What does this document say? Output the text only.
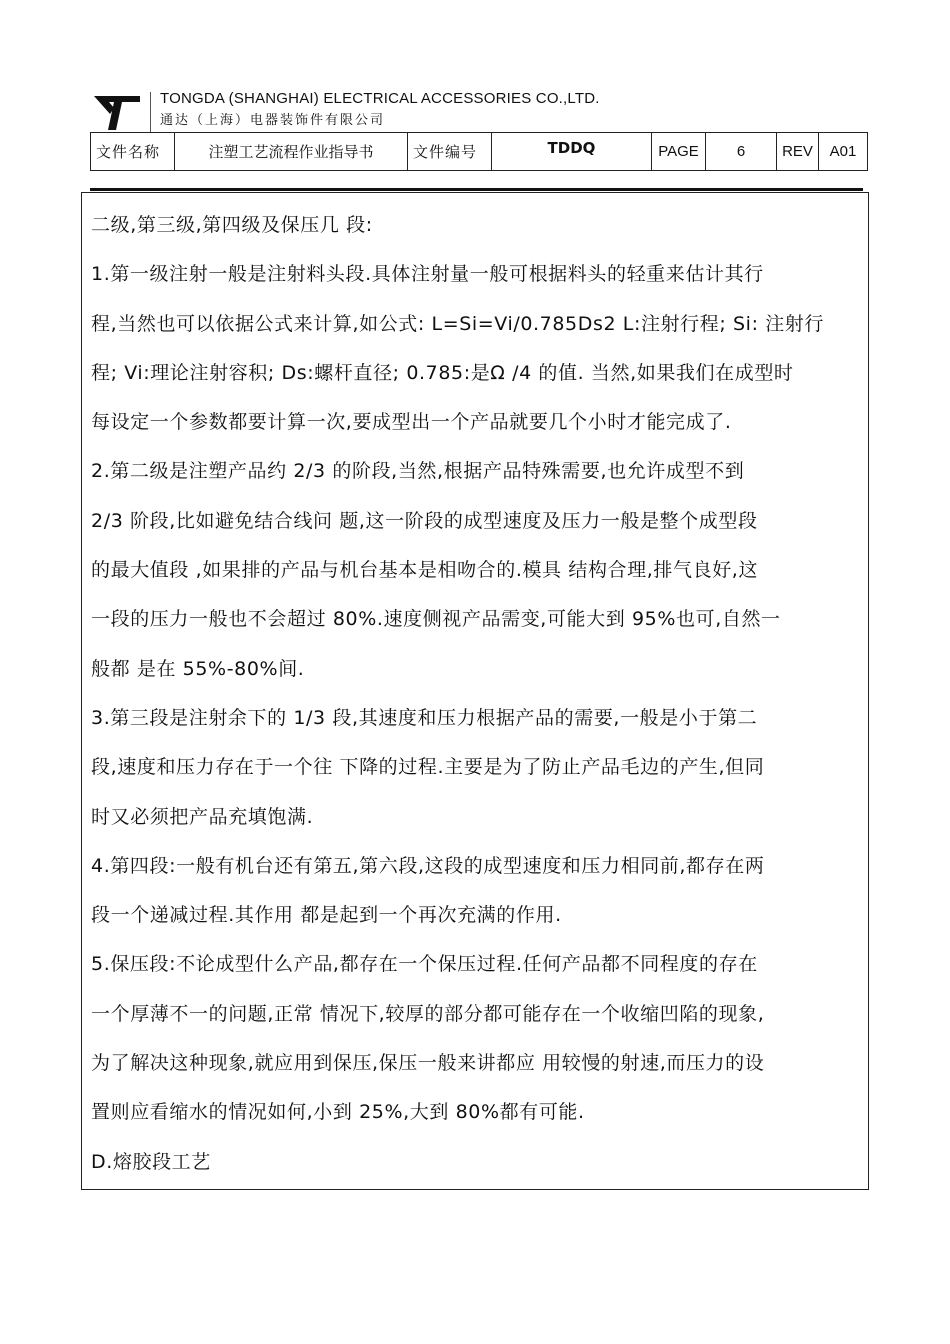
TONGDA (SHANGHAI) ELECTRICAL ACCESSORIES CO.,LTD.
通达（上海）电器装饰件有限公司
文件名称	注塑工艺流程作业指导书	文件编号	TDDQ	PAGE	6	REV	A01

二级,第三级,第四级及保压几 段:

1.第一级注射一般是注射料头段.具体注射量一般可根据料头的轻重来估计其行

程,当然也可以依据公式来计算,如公式: L=Si=Vi/0.785Ds2 L:注射行程; Si: 注射行

程; Vi:理论注射容积; Ds:螺杆直径; 0.785:是Ω /4 的值. 当然,如果我们在成型时

每设定一个参数都要计算一次,要成型出一个产品就要几个小时才能完成了.

2.第二级是注塑产品约 2/3 的阶段,当然,根据产品特殊需要,也允许成型不到

2/3 阶段,比如避免结合线问 题,这一阶段的成型速度及压力一般是整个成型段

的最大值段 ,如果排的产品与机台基本是相吻合的.模具 结构合理,排气良好,这

一段的压力一般也不会超过 80%.速度侧视产品需变,可能大到 95%也可,自然一

般都 是在 55%-80%间.

3.第三段是注射余下的 1/3 段,其速度和压力根据产品的需要,一般是小于第二

段,速度和压力存在于一个往 下降的过程.主要是为了防止产品毛边的产生,但同

时又必须把产品充填饱满.

4.第四段:一般有机台还有第五,第六段,这段的成型速度和压力相同前,都存在两

段一个递减过程.其作用 都是起到一个再次充满的作用.

5.保压段:不论成型什么产品,都存在一个保压过程.任何产品都不同程度的存在

一个厚薄不一的问题,正常 情况下,较厚的部分都可能存在一个收缩凹陷的现象,

为了解决这种现象,就应用到保压,保压一般来讲都应 用较慢的射速,而压力的设

置则应看缩水的情况如何,小到 25%,大到 80%都有可能.

D.熔胶段工艺
